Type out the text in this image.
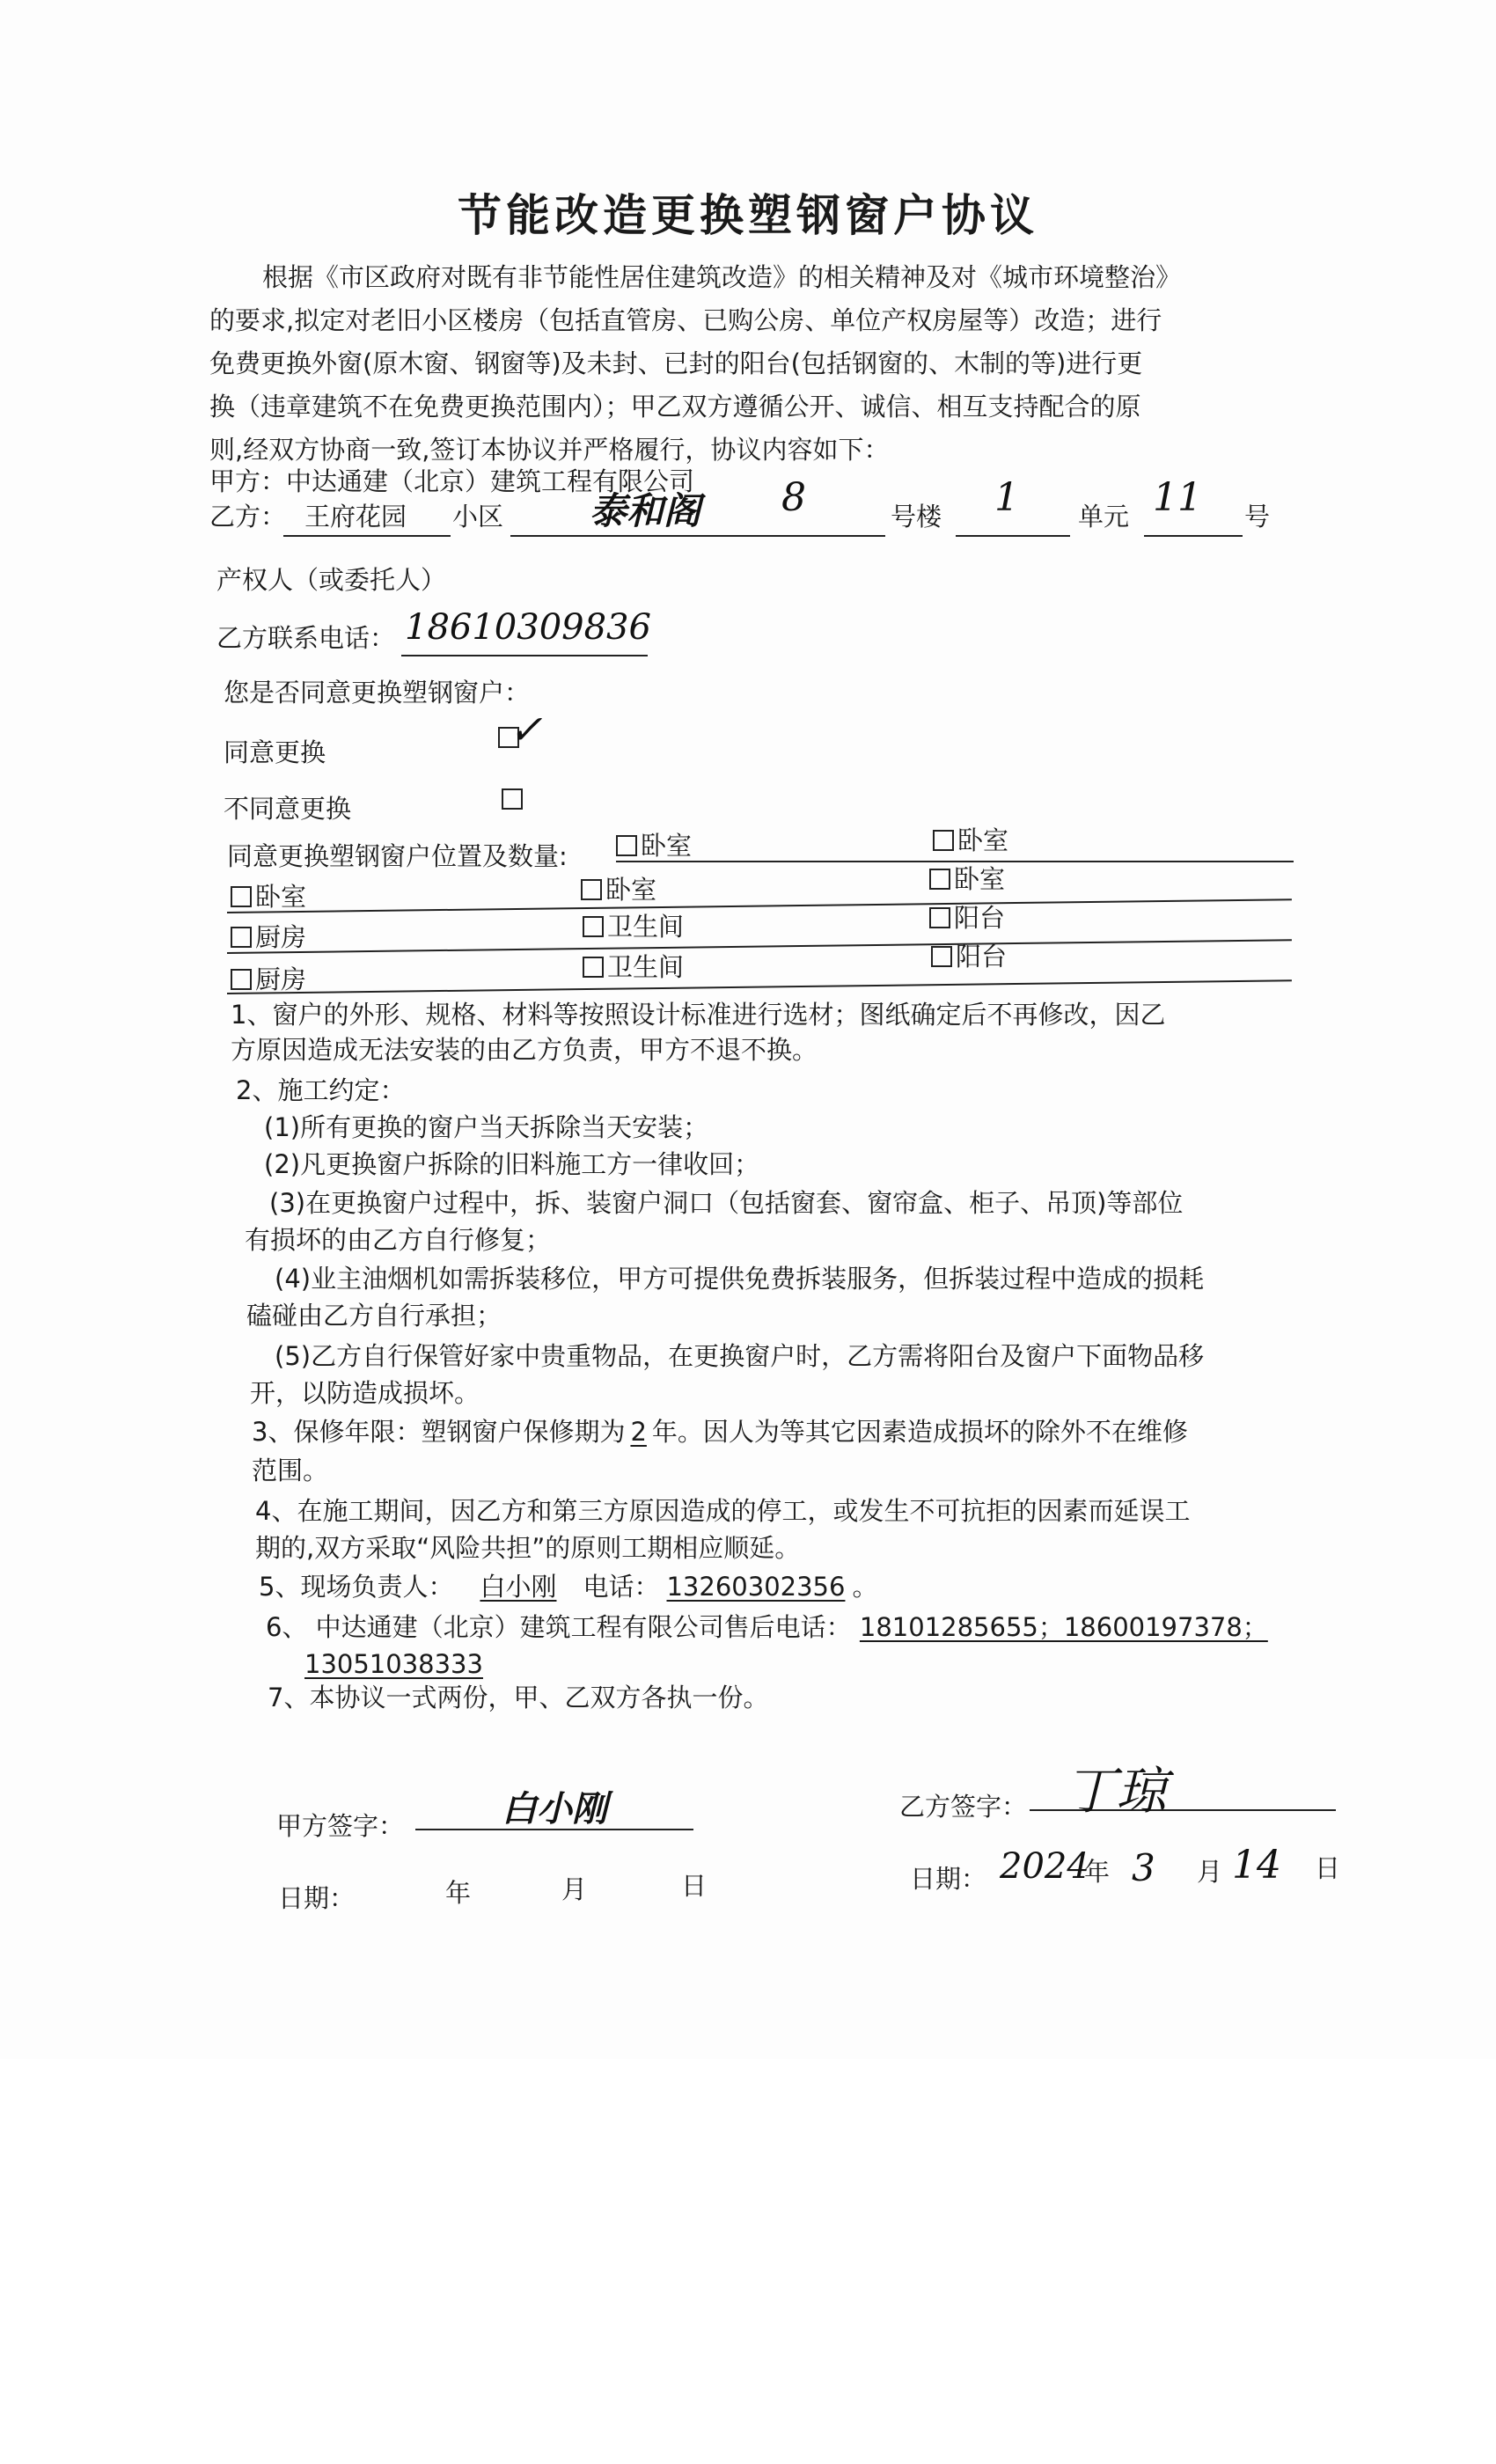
节能改造更换塑钢窗户协议
根据《市区政府对既有非节能性居住建筑改造》的相关精神及对《城市环境整治》
的要求,拟定对老旧小区楼房（包括直管房、已购公房、单位产权房屋等）改造；进行
免费更换外窗(原木窗、钢窗等)及未封、已封的阳台(包括钢窗的、木制的等)进行更
换（违章建筑不在免费更换范围内）；甲乙双方遵循公开、诚信、相互支持配合的原
则,经双方协商一致,签订本协议并严格履行，协议内容如下：
甲方：中达通建（北京）建筑工程有限公司
乙方： 王府花园 小区 泰和阁 8	号楼 1 单元 11 号
产权人（或委托人）
乙方联系电话： 18610309836
您是否同意更换塑钢窗户：
同意更换	✓
不同意更换
同意更换塑钢窗户位置及数量:	卧室	卧室
卧室	卧室	卧室
厨房	卫生间	阳台
厨房	卫生间	阳台
1、窗户的外形、规格、材料等按照设计标准进行选材；图纸确定后不再修改，因乙
方原因造成无法安装的由乙方负责，甲方不退不换。
2、施工约定：
(1)所有更换的窗户当天拆除当天安装；
(2)凡更换窗户拆除的旧料施工方一律收回；
(3)在更换窗户过程中，拆、装窗户洞口（包括窗套、窗帘盒、柜子、吊顶)等部位
有损坏的由乙方自行修复；
(4)业主油烟机如需拆装移位，甲方可提供免费拆装服务，但拆装过程中造成的损耗
磕碰由乙方自行承担；
(5)乙方自行保管好家中贵重物品，在更换窗户时，乙方需将阳台及窗户下面物品移
开，以防造成损坏。
3、保修年限：塑钢窗户保修期为 2 年。因人为等其它因素造成损坏的除外不在维修
范围。
4、在施工期间，因乙方和第三方原因造成的停工，或发生不可抗拒的因素而延误工
期的,双方采取“风险共担”的原则工期相应顺延。
5、现场负责人： 白小刚 电话： 13260302356 。
6、 中达通建（北京）建筑工程有限公司售后电话： 18101285655；18600197378；
13051038333
7、本协议一式两份，甲、乙双方各执一份。
甲方签字：	白小刚	乙方签字： 丁琼
日期：	年	月	日	日期： 2024
年 3 月 14 日
